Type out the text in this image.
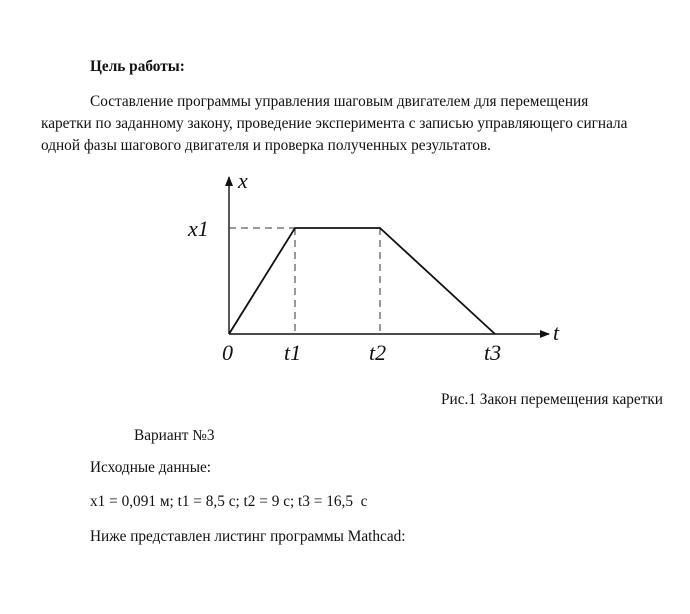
Цель работы:
Составление программы управления шаговым двигателем для перемещения
каретки по заданному закону, проведение эксперимента с записью управляющего сигнала
одной фазы шагового двигателя и проверка полученных результатов.
x
t
x1
0 t1	t2	t3
Рис.1 Закон перемещения каретки
Вариант №3
Исходные данные:
x1 = 0,091 м; t1 = 8,5 с; t2 = 9 с; t3 = 16,5  с
Ниже представлен листинг программы Mathcad:
